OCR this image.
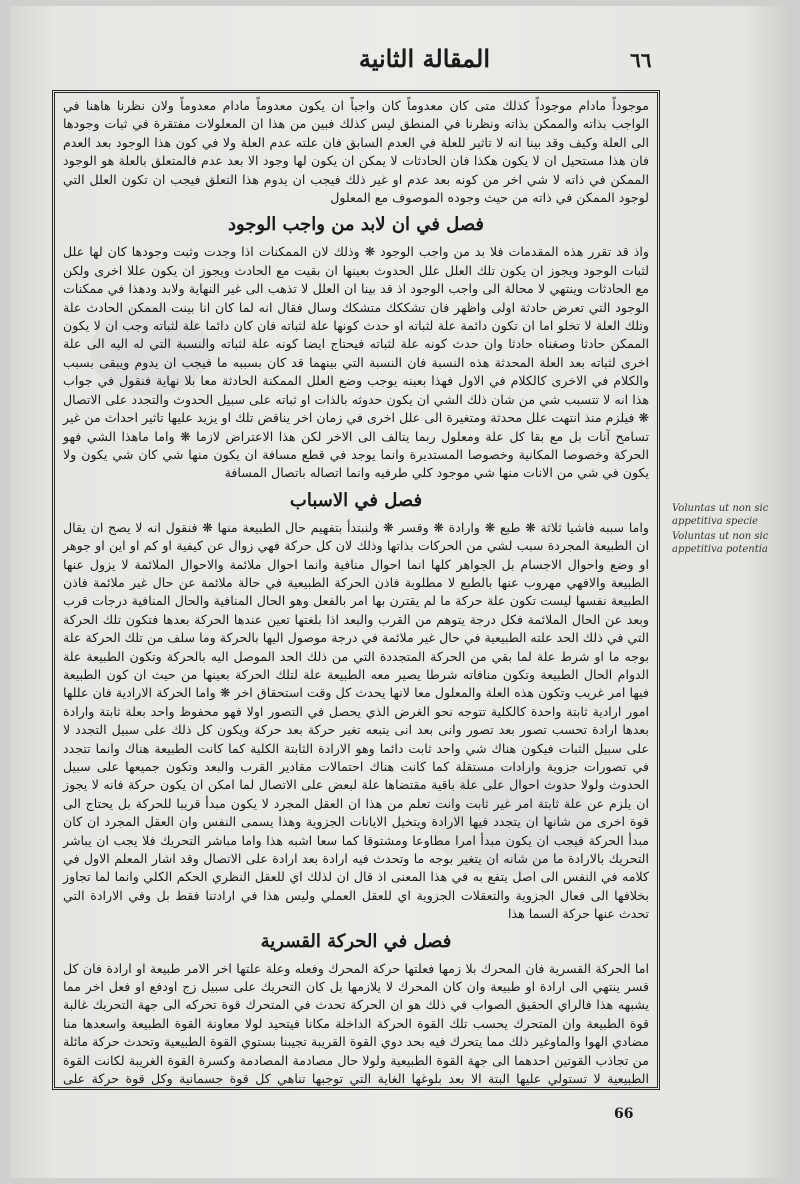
المقالة الثانية	٦٦

موجوداً مادام موجوداً كذلك متى كان معدوماً كان واجباً ان يكون معدوماً مادام معدوماً ولان نظرنا هاهنا في الواجب بذاته والممكن بذاته ونظرنا في المنطق ليس كذلك فبين من هذا ان المعلولات مفتقرة في ثبات وجودها الى العلة وكيف وقد بينا انه لا تاثير للعلة في العدم السابق فان علته عدم العلة ولا في كون هذا الوجود بعد العدم فان هذا مستحيل ان لا يكون هكذا فان الحادثات لا يمكن ان يكون لها وجود الا بعد عدم فالمتعلق بالعلة هو الوجود الممكن في ذاته لا شي اخر من كونه بعد عدم او غير ذلك فيجب ان يدوم هذا التعلق فيجب ان تكون العلل التي لوجود الممكن في ذاته من حيث وجوده الموصوف مع المعلول

فصل في ان لابد من واجب الوجود

واذ قد تقرر هذه المقدمات فلا بد من واجب الوجود ❋ وذلك لان الممكنات اذا وجدت وثبت وجودها كان لها علل لثبات الوجود ويجوز ان يكون تلك العلل علل الحدوث بعينها ان بقيت مع الحادث ويجوز ان يكون عللا اخرى ولكن مع الحادثات وينتهي لا محالة الى واجب الوجود اذ قد بينا ان العلل لا تذهب الى غير النهاية ولابد ودهذا في ممكنات الوجود التي تعرض حادثة اولى واظهر فان تشككك متشكك وسال فقال انه لما كان انا بينت الممكن الحادث علة وتلك العلة لا تخلو اما ان تكون دائمة علة لثباته او حدث كونها علة لثباته فان كان دائما علة لثباته وجب ان لا يكون الممكن حادثا وصغناه حادثا وان حدث كونه علة لثباته فيحتاج ايضا كونه علة لثباته والنسبة التي له اليه الى علة اخرى لثباته بعد العلة المحدثة هذه النسبة فان النسبة التي بينهما قد كان بسببه ما فيجب ان يدوم ويبقى بسبب والكلام في الاخرى كالكلام في الاول فهذا بعينه يوجب وضع العلل الممكنة الحادثة معا بلا نهاية فنقول في جواب هذا انه لا تتسبب شي من شان ذلك الشي ان يكون حدوثه بالذات او ثباته على سبيل الحدوث والتجدد على الاتصال ❋ فيلزم منذ انتهت علل محدثة ومتغيرة الى علل اخرى في زمان اخر يناقض تلك او يزيد عليها تاثير احداث من غير تسامح آنات بل مع بقا كل علة ومعلول ربما يتالف الى الاخر لكن هذا الاعتراض لازما ❋ واما ماهذا الشي فهو الحركة وخصوصا المكانية وخصوصا المستديرة وانما يوجد في قطع مسافة ان يكون منها شي كان شي يكون ولا يكون في شي من الانات منها شي موجود كلي طرفيه وانما اتصاله باتصال المسافة

فصل في الاسباب

واما سببه فاشيا ثلاثة ❋ طبع ❋ وارادة ❋ وقسر ❋ ولنبتدأ بتفهيم حال الطبيعة منها ❋ فنقول انه لا يصح ان يقال ان الطبيعة المجردة سبب لشي من الحركات بذاتها وذلك لان كل حركة فهي زوال عن كيفية او كم او اين او جوهر او وضع واحوال الاجسام بل الجواهر كلها انما احوال منافية وانما احوال ملائمة والاحوال الملائمة لا يزول عنها الطبيعة والافهي مهروب عنها بالطبع لا مطلوبة فاذن الحركة الطبيعية في حالة ملائمة عن حال غير ملائمة فاذن الطبيعة نفسها ليست تكون علة حركة ما لم يقترن بها امر بالفعل وهو الحال المنافية والحال المنافية درجات قرب وبعد عن الحال الملائمة فكل درجة يتوهم من القرب والبعد اذا بلغتها تعين عندها الحركة بعدها فتكون تلك الحركة التي في ذلك الحد علته الطبيعية في حال غير ملائمة في درجة موصول اليها بالحركة وما سلف من تلك الحركة علة بوجه ما او شرط علة لما بقي من الحركة المتجددة التي من ذلك الحد الموصل اليه بالحركة وتكون الطبيعة علة الدوام الحال الطبيعة وتكون منافاته شرطا يصير معه الطبيعة علة لتلك الحركة بعينها من حيث ان كون الطبيعة فيها امر غريب وتكون هذه العلة والمعلول معا لانها يحدث كل وقت استحقاق اخر ❋ واما الحركة الارادية فان عللها امور ارادية ثابتة واحدة كالكلية تتوجه نحو الغرض الذي يحصل في التصور اولا فهو محفوظ واحد بعلة ثابتة وارادة بعدها ارادة تحسب تصور بعد تصور وانى بعد انى يتبعه تغير حركة بعد حركة ويكون كل ذلك على سبيل التجدد لا على سبيل الثبات فيكون هناك شي واحد ثابت دائما وهو الارادة الثابتة الكلية كما كانت الطبيعة هناك وانما تتجدد في تصورات جزوية وارادات مستقلة كما كانت هناك احتمالات مقادير القرب والبعد وتكون جميعها على سبيل الحدوث ولولا حدوث احوال على علة باقية مقتضاها علة لبعض على الاتصال لما امكن ان يكون حركة فانه لا يجوز ان يلزم عن علة ثابتة امر غير ثابت وانت تعلم من هذا ان العقل المجرد لا يكون مبدأ قريبا للحركة بل يحتاج الى قوة اخرى من شانها ان يتجدد فيها الارادة ويتخيل الايانات الجزوية وهذا يسمى النفس وان العقل المجرد ان كان مبدأ الحركة فيجب ان يكون مبدأ امرا مطاوعا ومشتوقا كما سعا اشبه هذا واما مباشر التحريك فلا يجب ان يباشر التحريك بالارادة ما من شانه ان يتغير بوجه ما وتحدث فيه ارادة بعد ارادة على الاتصال وقد اشار المعلم الاول في كلامه في النفس الى اصل يتفع به في هذا المعنى اذ قال ان لذلك اي للعقل النظري الحكم الكلي وانما لما تجاوز بخلافها الى فعال الجزوية والتعقلات الجزوية اي للعقل العملي وليس هذا في ارادتنا فقط بل وفي الارادة التي تحدث عنها حركة السما هذا

فصل في الحركة القسرية

اما الحركة القسرية فان المحرك بلا زمها فعلتها حركة المحرك وفعله وعلة علتها اخر الامر طبيعة او ارادة فان كل قسر ينتهي الى ارادة او طبيعة وان كان المحرك لا يلازمها بل كان التحريك على سبيل زج اودفع او فعل اخر مما يشبهه هذا فالراي الحقيق الصواب في ذلك هو ان الحركة تحدث في المتحرك قوة تحركه الى جهة التحريك غالبة قوة الطبيعة وان المتحرك يحسب تلك القوة الحركة الداخلة مكانا فيتحيد لولا معاونة القوة الطبيعة واسعدها منا مضادي الهوا والماوغير ذلك مما يتحرك فيه بحد دوي القوة القريبة تجيبنا بستوي القوة الطبيعية وتحدث حركة مائلة من تجاذب القوتين احدهما الى جهة القوة الطبيعية ولولا حال مصادمة المصادمة وكسرة القوة الغريبة لكانت القوة الطبيعية لا تستولي عليها البتة الا بعد بلوغها الغاية التي توجبها تناهي كل قوة جسمانية وكل قوة حركة على

Voluntas ut non sic appetitiva specie
Voluntas ut non sic appetitiva potentia
66
